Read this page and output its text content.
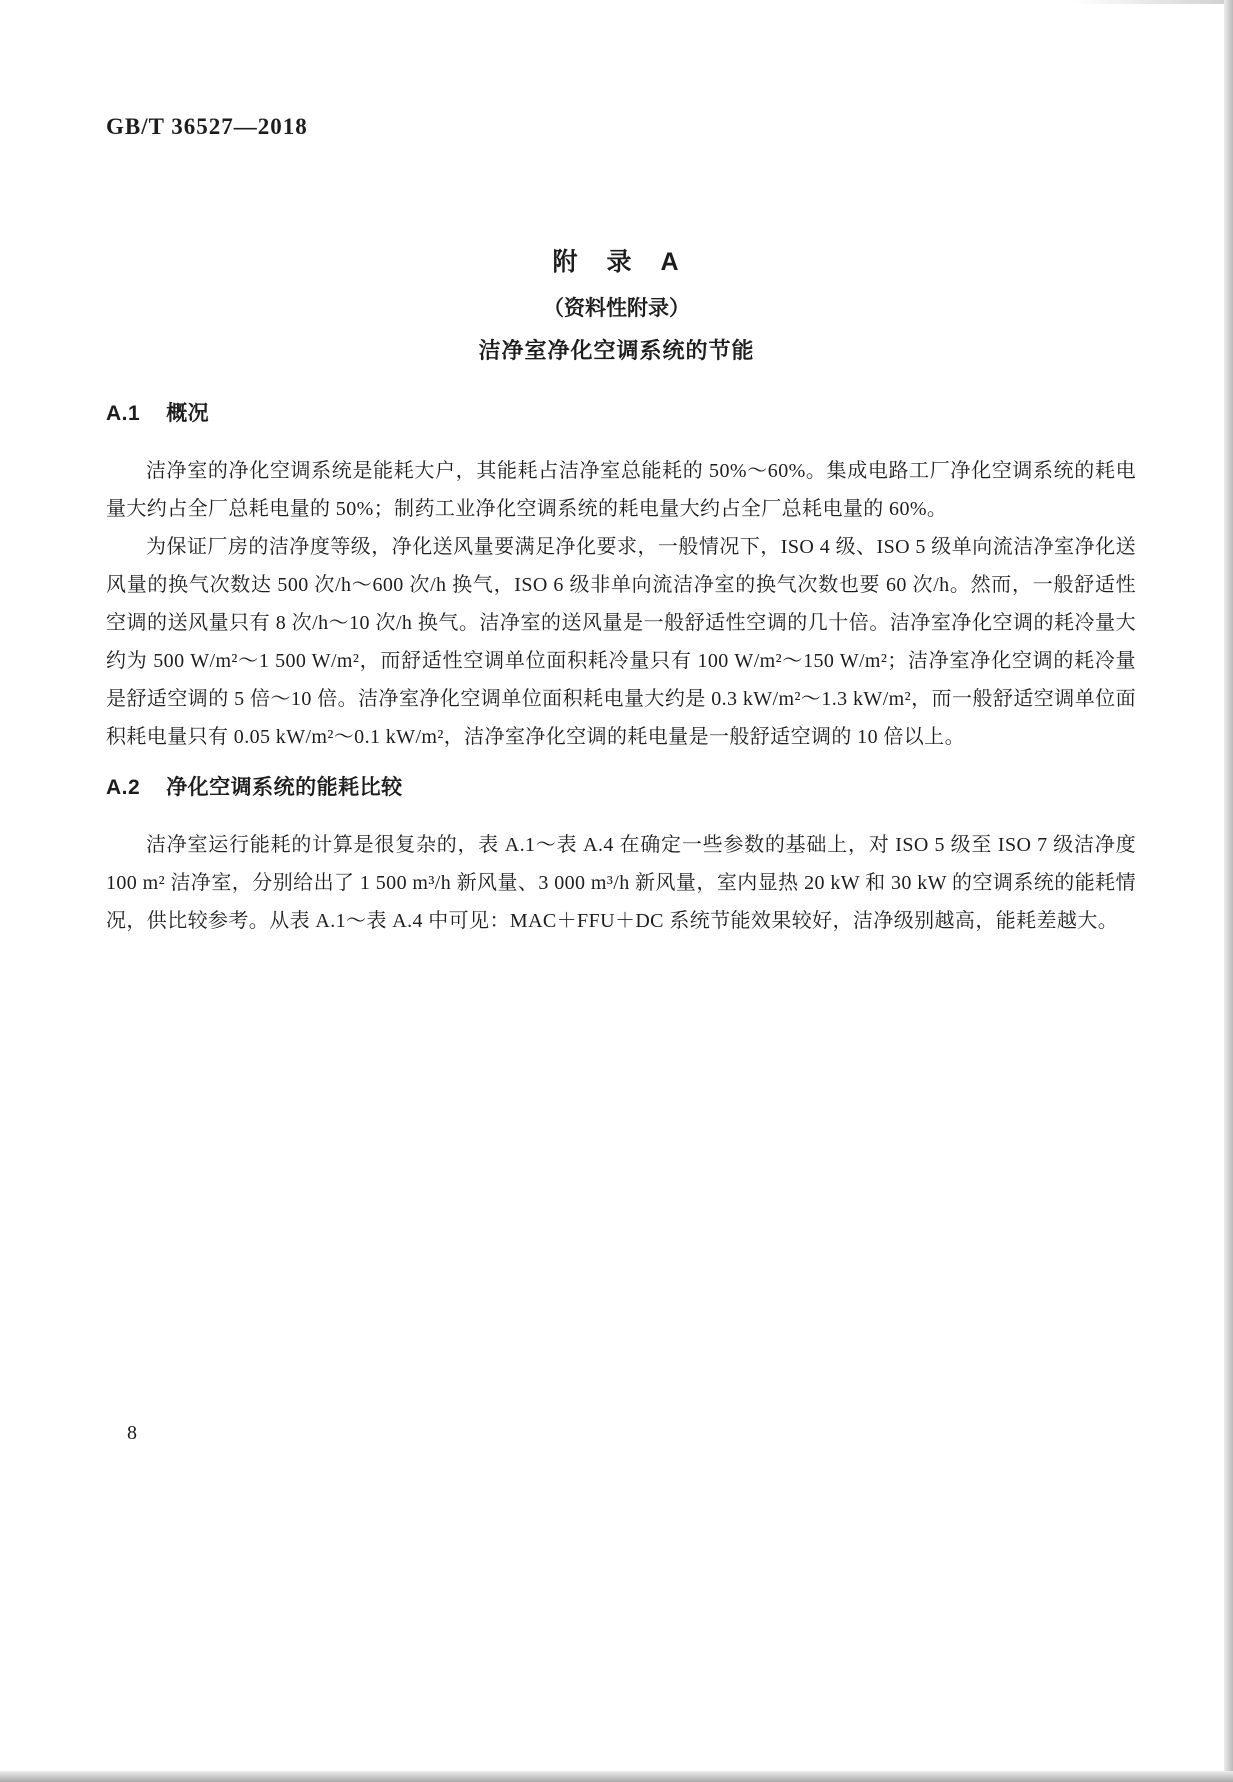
GB/T 36527—2018
附　录　A
（资料性附录）
洁净室净化空调系统的节能
A.1 概况

洁净室的净化空调系统是能耗大户，其能耗占洁净室总能耗的 50%～60%。集成电路工厂净化空调系统的耗电量大约占全厂总耗电量的 50%；制药工业净化空调系统的耗电量大约占全厂总耗电量的 60%。

为保证厂房的洁净度等级，净化送风量要满足净化要求，一般情况下，ISO 4 级、ISO 5 级单向流洁净室净化送风量的换气次数达 500 次/h～600 次/h 换气，ISO 6 级非单向流洁净室的换气次数也要 60 次/h。然而，一般舒适性空调的送风量只有 8 次/h～10 次/h 换气。洁净室的送风量是一般舒适性空调的几十倍。洁净室净化空调的耗冷量大约为 500 W/m²～1 500 W/m²，而舒适性空调单位面积耗冷量只有 100 W/m²～150 W/m²；洁净室净化空调的耗冷量是舒适空调的 5 倍～10 倍。洁净室净化空调单位面积耗电量大约是 0.3 kW/m²～1.3 kW/m²，而一般舒适空调单位面积耗电量只有 0.05 kW/m²～0.1 kW/m²，洁净室净化空调的耗电量是一般舒适空调的 10 倍以上。

A.2 净化空调系统的能耗比较

洁净室运行能耗的计算是很复杂的，表 A.1～表 A.4 在确定一些参数的基础上，对 ISO 5 级至 ISO 7 级洁净度 100 m² 洁净室，分别给出了 1 500 m³/h 新风量、3 000 m³/h 新风量，室内显热 20 kW 和 30 kW 的空调系统的能耗情况，供比较参考。从表 A.1～表 A.4 中可见：MAC＋FFU＋DC 系统节能效果较好，洁净级别越高，能耗差越大。

8
